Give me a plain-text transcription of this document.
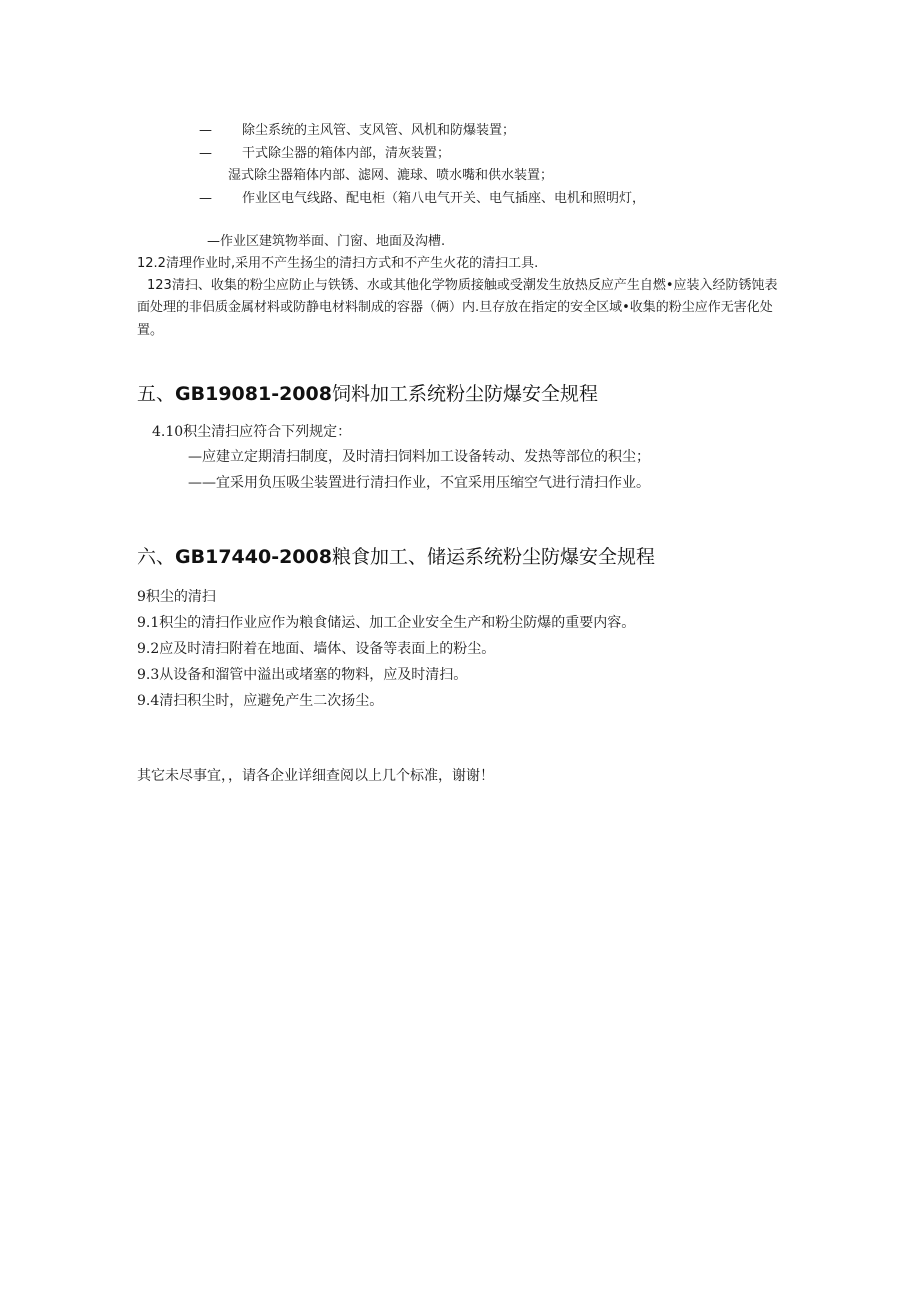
— 除尘系统的主风管、支风管、风机和防爆装置；
— 干式除尘器的箱体内部，清灰装置；
湿式除尘器箱体内部、滤网、漉球、喷水嘴和供水装置；
— 作业区电气线路、配电柜（箱八电气开关、电气插座、电机和照明灯，
—作业区建筑物举面、门窗、地面及沟槽.
12.2清理作业时,采用不产生扬尘的清扫方式和不产生火花的清扫工具.
123清扫、收集的粉尘应防止与铁锈、水或其他化学物质接触或受潮发生放热反应产生自燃•应装入经防锈饨表
面处理的非侣质金属材料或防静电材料制成的容器（俩）内.旦存放在指定的安全区域•收集的粉尘应作无害化处
置。
五、GB19081-2008饲料加工系统粉尘防爆安全规程
4.10积尘清扫应符合下列规定：
—应建立定期清扫制度，及时清扫饲料加工设备转动、发热等部位的积尘；
——宜采用负压吸尘装置进行清扫作业，不宜采用压缩空气进行清扫作业。
六、GB17440-2008粮食加工、储运系统粉尘防爆安全规程
9积尘的清扫
9.1积尘的清扫作业应作为粮食储运、加工企业安全生产和粉尘防爆的重要内容。
9.2应及时清扫附着在地面、墙体、设备等表面上的粉尘。
9.3从设备和溜管中溢出或堵塞的物料，应及时清扫。
9.4清扫积尘时，应避免产生二次扬尘。
其它未尽事宜，，请各企业详细查阅以上几个标准，谢谢！
